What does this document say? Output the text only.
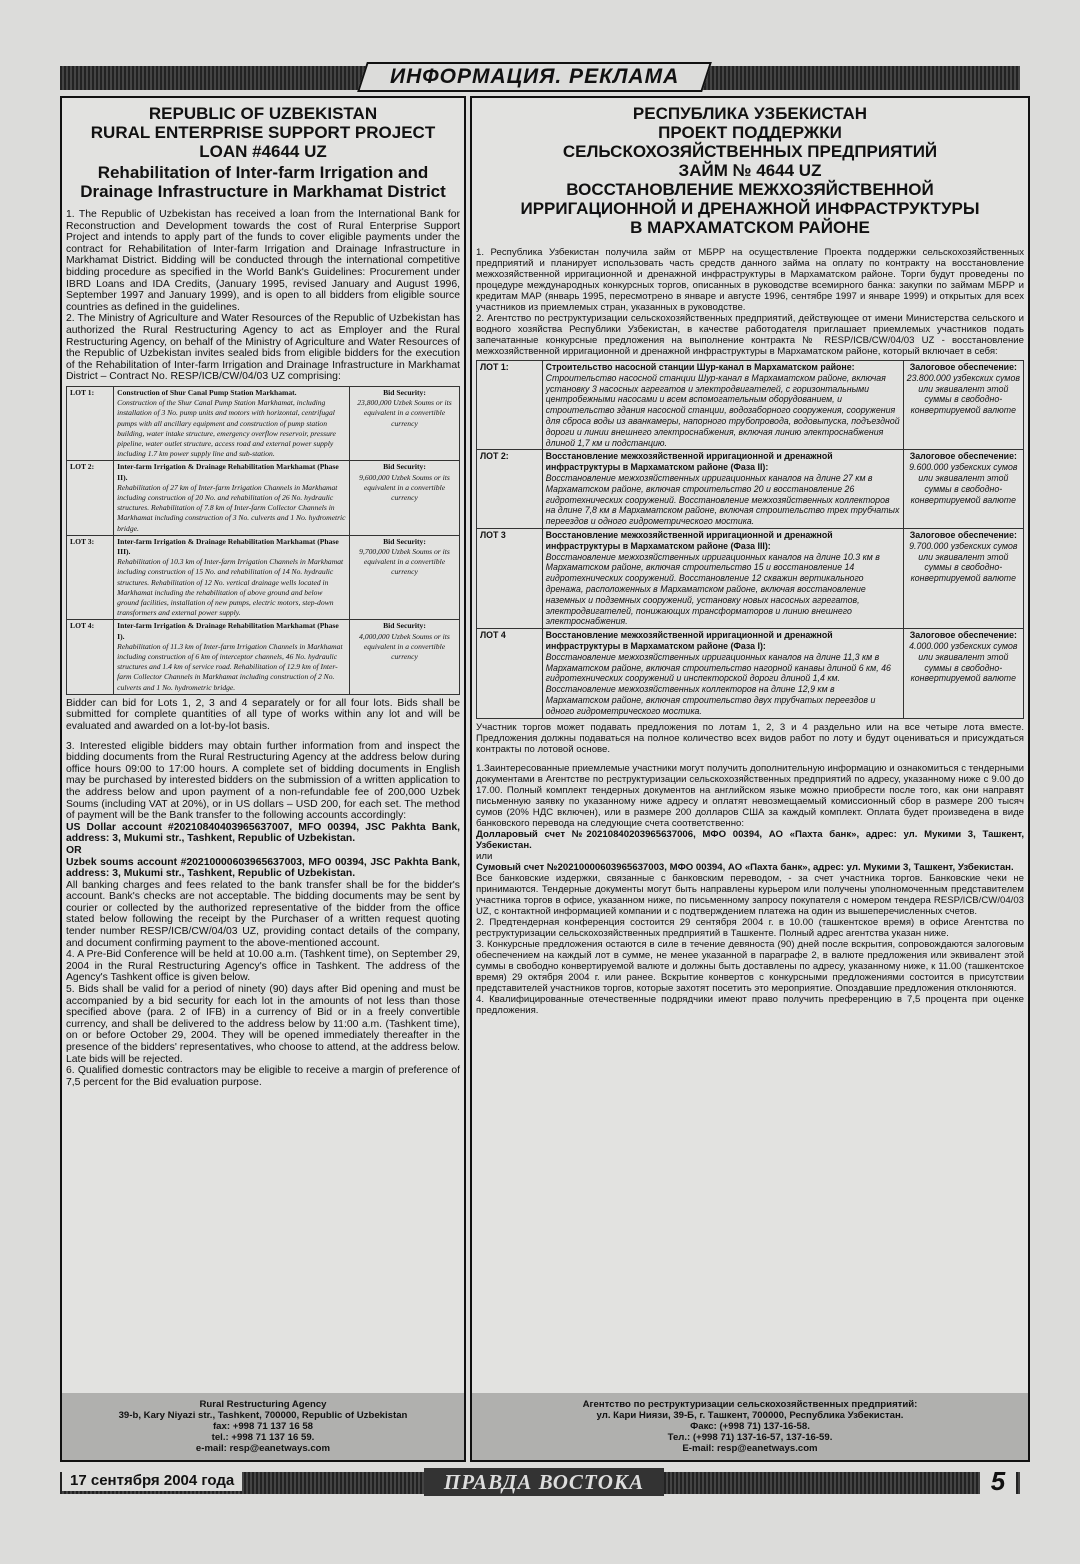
ИНФОРМАЦИЯ. РЕКЛАМА
REPUBLIC OF UZBEKISTAN
RURAL ENTERPRISE SUPPORT PROJECT
LOAN #4644 UZ
Rehabilitation of Inter-farm Irrigation and Drainage Infrastructure in Markhamat District

1. The Republic of Uzbekistan has received a loan from the International Bank for Reconstruction and Development towards the cost of Rural Enterprise Support Project and intends to apply part of the funds to cover eligible payments under the contract for Rehabilitation of Inter-farm Irrigation and Drainage Infrastructure in Markhamat District. Bidding will be conducted through the international competitive bidding procedure as specified in the World Bank's Guidelines: Procurement under IBRD Loans and IDA Credits, (January 1995, revised January and August 1996, September 1997 and January 1999), and is open to all bidders from eligible source countries as defined in the guidelines.

2. The Ministry of Agriculture and Water Resources of the Republic of Uzbekistan has authorized the Rural Restructuring Agency to act as Employer and the Rural Restructuring Agency, on behalf of the Ministry of Agriculture and Water Resources of the Republic of Uzbekistan invites sealed bids from eligible bidders for the execution of the Rehabilitation of Inter-farm Irrigation and Drainage Infrastructure in Markhamat District – Contract No. RESP/ICB/CW/04/03 UZ comprising:

LOT 1:	Construction of Shur Canal Pump Station Markhamat.
Construction of the Shur Canal Pump Station Markhamat, including installation of 3 No. pump units and motors with horizontal, centrifugal pumps with all ancillary equipment and construction of pump station building, water intake structure, emergency overflow reservoir, pressure pipeline, water outlet structure, access road and external power supply including 1.7 km power supply line and sub-station.	Bid Security:
23,800,000 Uzbek Soums or its equivalent in a convertible currency

LOT 2:	Inter-farm Irrigation & Drainage Rehabilitation Markhamat (Phase II).
Rehabilitation of 27 km of Inter-farm Irrigation Channels in Markhamat including construction of 20 No. and rehabilitation of 26 No. hydraulic structures. Rehabilitation of 7.8 km of Inter-farm Collector Channels in Markhamat including construction of 3 No. culverts and 1 No. hydrometric bridge.	Bid Security:
9,600,000 Uzbek Soums or its equivalent in a convertible currency

LOT 3:	Inter-farm Irrigation & Drainage Rehabilitation Markhamat (Phase III).
Rehabilitation of 10.3 km of Inter-farm Irrigation Channels in Markhamat including construction of 15 No. and rehabilitation of 14 No. hydraulic structures. Rehabilitation of 12 No. vertical drainage wells located in Markhamat including the rehabilitation of above ground and below ground facilities, installation of new pumps, electric motors, step-down transformers and external power supply.	Bid Security:
9,700,000 Uzbek Soums or its equivalent in a convertible currency

LOT 4:	Inter-farm Irrigation & Drainage Rehabilitation Markhamat (Phase I).
Rehabilitation of 11.3 km of Inter-farm Irrigation Channels in Markhamat including construction of 6 km of interceptor channels, 46 No. hydraulic structures and 1.4 km of service road. Rehabilitation of 12.9 km of Inter-farm Collector Channels in Markhamat including construction of 2 No. culverts and 1 No. hydrometric bridge.	Bid Security:
4,000,000 Uzbek Soums or its equivalent in a convertible currency

Bidder can bid for Lots 1, 2, 3 and 4 separately or for all four lots. Bids shall be submitted for complete quantities of all type of works within any lot and will be evaluated and awarded on a lot-by-lot basis.

3. Interested eligible bidders may obtain further information from and inspect the bidding documents from the Rural Restructuring Agency at the address below during office hours 09:00 to 17:00 hours. A complete set of bidding documents in English may be purchased by interested bidders on the submission of a written application to the address below and upon payment of a non-refundable fee of 200,000 Uzbek Soums (including VAT at 20%), or in US dollars – USD 200, for each set. The method of payment will be the Bank transfer to the following accounts accordingly:

US Dollar account #20210840403965637007, MFO 00394, JSC Pakhta Bank, address: 3, Mukumi str., Tashkent, Republic of Uzbekistan.

OR

Uzbek soums account #20210000603965637003, MFO 00394, JSC Pakhta Bank, address: 3, Mukumi str., Tashkent, Republic of Uzbekistan.

All banking charges and fees related to the bank transfer shall be for the bidder's account. Bank's checks are not acceptable. The bidding documents may be sent by courier or collected by the authorized representative of the bidder from the office stated below following the receipt by the Purchaser of a written request quoting tender number RESP/ICB/CW/04/03 UZ, providing contact details of the company, and document confirming payment to the above-mentioned account.

4. A Pre-Bid Conference will be held at 10.00 a.m. (Tashkent time), on September 29, 2004 in the Rural Restructuring Agency's office in Tashkent. The address of the Agency's Tashkent office is given below.

5. Bids shall be valid for a period of ninety (90) days after Bid opening and must be accompanied by a bid security for each lot in the amounts of not less than those specified above (para. 2 of IFB) in a currency of Bid or in a freely convertible currency, and shall be delivered to the address below by 11:00 a.m. (Tashkent time), on or before October 29, 2004. They will be opened immediately thereafter in the presence of the bidders' representatives, who choose to attend, at the address below. Late bids will be rejected.

6. Qualified domestic contractors may be eligible to receive a margin of preference of 7,5 percent for the Bid evaluation purpose.

Rural Restructuring Agency
39-b, Kary Niyazi str., Tashkent, 700000, Republic of Uzbekistan
fax: +998 71 137 16 58
tel.: +998 71 137 16 59.
e-mail: resp@eanetways.com
РЕСПУБЛИКА УЗБЕКИСТАН
ПРОЕКТ ПОДДЕРЖКИ
СЕЛЬСКОХОЗЯЙСТВЕННЫХ ПРЕДПРИЯТИЙ
ЗАЙМ № 4644 UZ
ВОССТАНОВЛЕНИЕ МЕЖХОЗЯЙСТВЕННОЙ
ИРРИГАЦИОННОЙ И ДРЕНАЖНОЙ ИНФРАСТРУКТУРЫ
В МАРХАМАТСКОМ РАЙОНЕ

1. Республика Узбекистан получила займ от МБРР на осуществление Проекта поддержки сельскохозяйственных предприятий и планирует использовать часть средств данного займа на оплату по контракту на восстановление межхозяйственной ирригационной и дренажной инфраструктуры в Мархаматском районе. Торги будут проведены по процедуре международных конкурсных торгов, описанных в руководстве всемирного банка: закупки по займам МБРР и кредитам МАР (январь 1995, пересмотрено в январе и августе 1996, сентябре 1997 и январе 1999) и открытых для всех участников из приемлемых стран, указанных в руководстве.

2. Агентство по реструктуризации сельскохозяйственных предприятий, действующее от имени Министерства сельского и водного хозяйства Республики Узбекистан, в качестве работодателя приглашает приемлемых участников подать запечатанные конкурсные предложения на выполнение контракта № RESP/ICB/CW/04/03 UZ - восстановление межхозяйственной ирригационной и дренажной инфраструктуры в Мархаматском районе, который включает в себя:

ЛОТ 1:	Строительство насосной станции Шур-канал в Мархаматском районе:
Строительство насосной станции Шур-канал в Мархаматском районе, включая установку 3 насосных агрегатов и электродвигателей, с горизонтальными центробежными насосами и всем вспомогательным оборудованием, и строительство здания насосной станции, водозаборного сооружения, сооружения для сброса воды из аванкамеры, напорного трубопровода, водовыпуска, подъездной дороги и линии внешнего электроснабжения, включая линию электроснабжения длиной 1,7 км и подстанцию.	Залоговое обеспечение:
23.800.000 узбекских сумов или эквивалент этой суммы в свободно-конвертируемой валюте

ЛОТ 2:	Восстановление межхозяйственной ирригационной и дренажной инфраструктуры в Мархаматском районе (Фаза II):
Восстановление межхозяйственных ирригационных каналов на длине 27 км в Мархаматском районе, включая строительство 20 и восстановление 26 гидротехнических сооружений. Восстановление межхозяйственных коллекторов на длине 7,8 км в Мархаматском районе, включая строительство трех трубчатых переездов и одного гидрометрического мостика.	Залоговое обеспечение:
9.600.000 узбекских сумов или эквивалент этой суммы в свободно-конвертируемой валюте

ЛОТ 3	Восстановление межхозяйственной ирригационной и дренажной инфраструктуры в Мархаматском районе (Фаза III):
Восстановление межхозяйственных ирригационных каналов на длине 10.3 км в Мархаматском районе, включая строительство 15 и восстановление 14 гидротехнических сооружений. Восстановление 12 скважин вертикального дренажа, расположенных в Мархаматском районе, включая восстановление наземных и подземных сооружений, установку новых насосных агрегатов, электродвигателей, понижающих трансформаторов и линию внешнего электроснабжения.	Залоговое обеспечение:
9.700.000 узбекских сумов или эквивалент этой суммы в свободно-конвертируемой валюте

ЛОТ 4	Восстановление межхозяйственной ирригационной и дренажной инфраструктуры в Мархаматском районе (Фаза I):
Восстановление межхозяйственных ирригационных каналов на длине 11,3 км в Мархаматском районе, включая строительство нагорной канавы длиной 6 км, 46 гидротехнических сооружений и инспекторской дороги длиной 1,4 км. Восстановление межхозяйственных коллекторов на длине 12,9 км в Мархаматском районе, включая строительство двух трубчатых переездов и одного гидрометрического мостика.	Залоговое обеспечение:
4.000.000 узбекских сумов или эквивалент этой суммы в свободно-конвертируемой валюте

Участник торгов может подавать предложения по лотам 1, 2, 3 и 4 раздельно или на все четыре лота вместе. Предложения должны подаваться на полное количество всех видов работ по лоту и будут оцениваться и присуждаться контракты по лотовой основе.

1.Заинтересованные приемлемые участники могут получить дополнительную информацию и ознакомиться с тендерными документами в Агентстве по реструктуризации сельскохозяйственных предприятий по адресу, указанному ниже с 9.00 до 17.00. Полный комплект тендерных документов на английском языке можно приобрести после того, как они направят письменную заявку по указанному ниже адресу и оплатят невозмещаемый комиссионный сбор в размере 200 тысяч сумов (20% НДС включен), или в размере 200 долларов США за каждый комплект. Оплата будет произведена в виде банковского перевода на следующие счета соответственно:

Долларовый счет №20210840203965637006, МФО 00394, АО «Пахта банк», адрес: ул. Мукими 3, Ташкент, Узбекистан.

или

Сумовый счет №20210000603965637003, МФО 00394, АО «Пахта банк», адрес: ул. Мукими 3, Ташкент, Узбекистан.

Все банковские издержки, связанные с банковским переводом, - за счет участника торгов. Банковские чеки не принимаются. Тендерные документы могут быть направлены курьером или получены уполномоченным представителем участника торгов в офисе, указанном ниже, по письменному запросу покупателя с номером тендера RESP/ICB/CW/04/03 UZ, с контактной информацией компании и с подтверждением платежа на один из вышеперечисленных счетов.

2. Предтендерная конференция состоится 29 сентября 2004 г. в 10.00 (ташкентское время) в офисе Агентства по реструктуризации сельскохозяйственных предприятий в Ташкенте. Полный адрес агентства указан ниже.

3. Конкурсные предложения остаются в силе в течение девяноста (90) дней после вскрытия, сопровождаются залоговым обеспечением на каждый лот в сумме, не менее указанной в параграфе 2, в валюте предложения или эквивалент этой суммы в свободно конвертируемой валюте и должны быть доставлены по адресу, указанному ниже, к 11.00 (ташкентское время) 29 октября 2004 г. или ранее. Вскрытие конвертов с конкурсными предложениями состоится в присутствии представителей участников торгов, которые захотят посетить это мероприятие. Опоздавшие предложения отклоняются.

4. Квалифицированные отечественные подрядчики имеют право получить преференцию в 7,5 процента при оценке предложения.

Агентство по реструктуризации сельскохозяйственных предприятий:
ул. Кари Ниязи, 39-Б, г. Ташкент, 700000, Республика Узбекистан.
Факс: (+998 71) 137-16-58.
Тел.: (+998 71) 137-16-57, 137-16-59.
E-mail: resp@eanetways.com
17 сентября 2004 года	ПРАВДА ВОСТОКА	5
